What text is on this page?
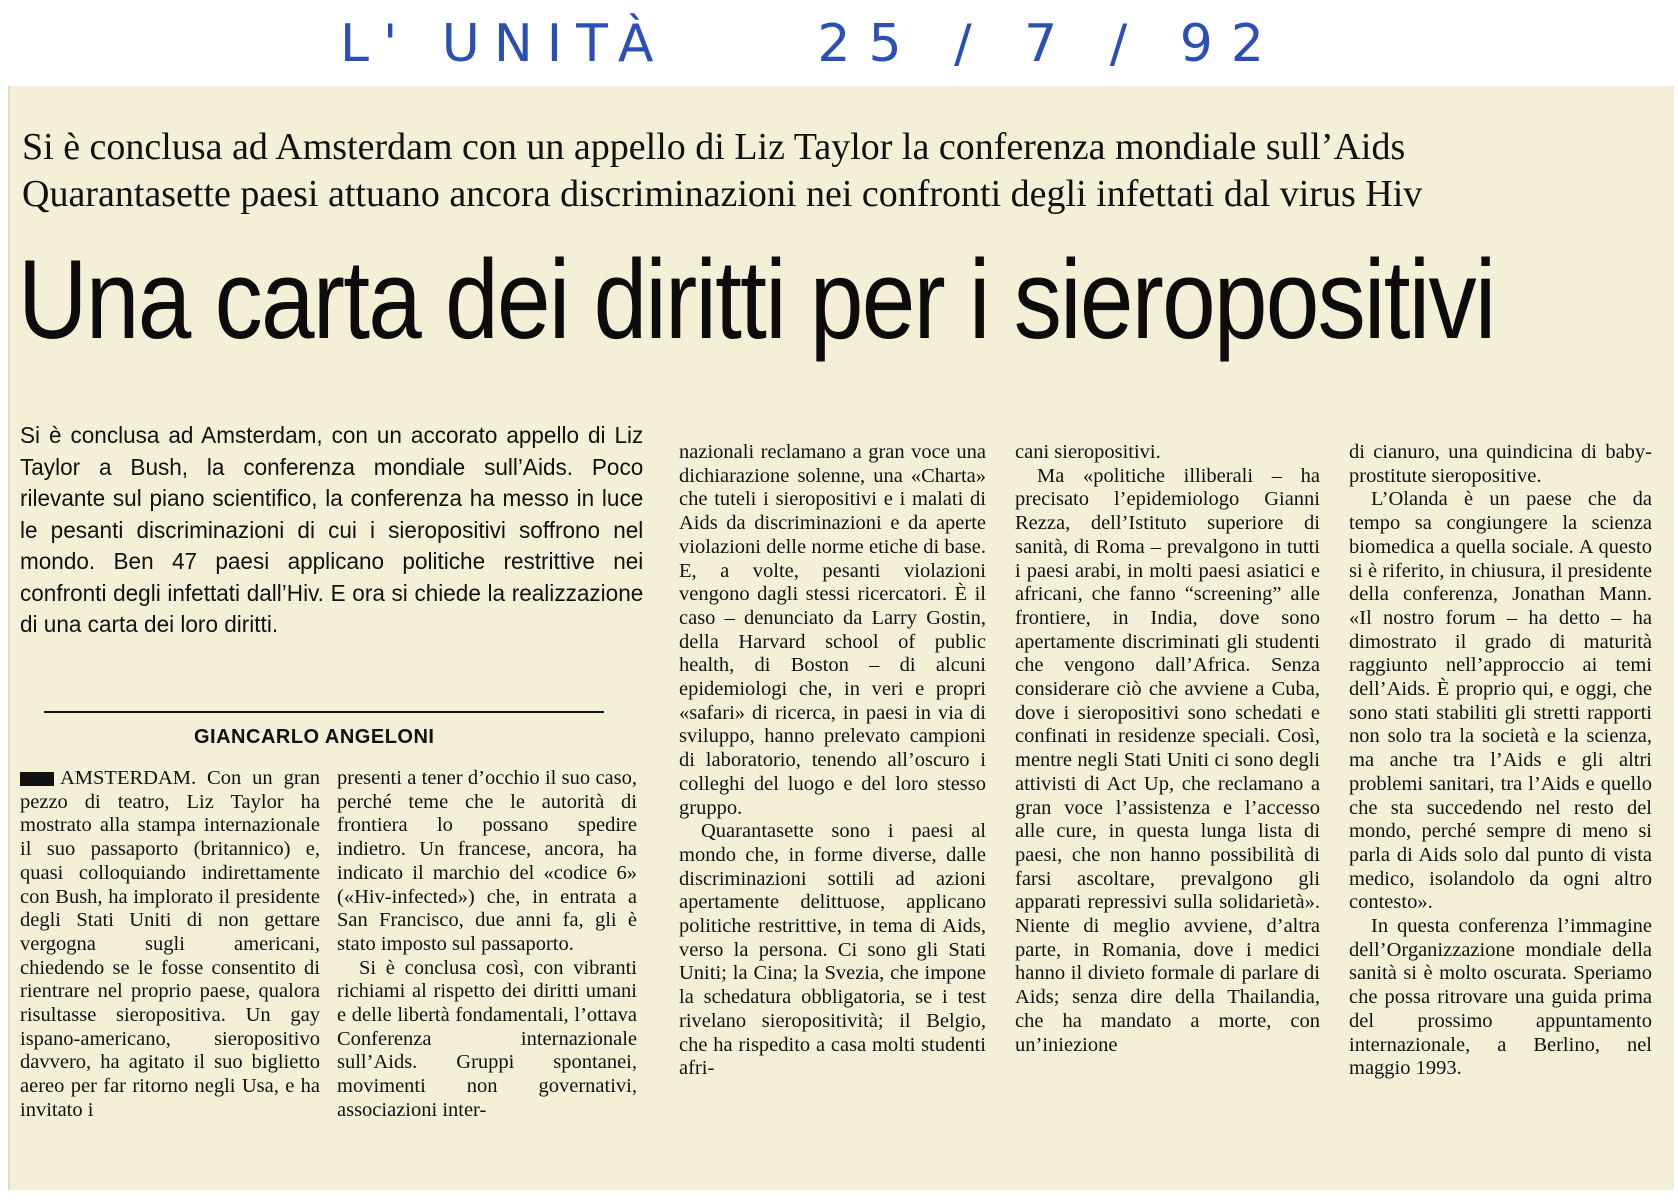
L' UNITÀ	25 / 7 / 92
Si è conclusa ad Amsterdam con un appello di Liz Taylor la conferenza mondiale sull’Aids
Quarantasette paesi attuano ancora discriminazioni nei confronti degli infettati dal virus Hiv
Una carta dei diritti per i sieropositivi
Si è conclusa ad Amsterdam, con un accorato appello di Liz Taylor a Bush, la conferenza mondiale sull’Aids. Poco rilevante sul piano scientifico, la conferenza ha messo in luce le pesanti discriminazioni di cui i sieropositivi soffrono nel mondo. Ben 47 paesi applicano politiche restrittive nei confronti degli infettati dall’Hiv. E ora si chiede la realizzazione di una carta dei loro diritti.
GIANCARLO ANGELONI

AMSTERDAM. Con un gran pezzo di teatro, Liz Taylor ha mostrato alla stampa internazionale il suo passaporto (britannico) e, quasi colloquiando indirettamente con Bush, ha implorato il presidente degli Stati Uniti di non gettare vergogna sugli americani, chiedendo se le fosse consentito di rientrare nel proprio paese, qualora risultasse sieropositiva. Un gay ispano-americano, sieropositivo davvero, ha agitato il suo biglietto aereo per far ritorno negli Usa, e ha invitato i

presenti a tener d’occhio il suo caso, perché teme che le autorità di frontiera lo possano spedire indietro. Un francese, ancora, ha indicato il marchio del «codice 6» («Hiv-infected») che, in entrata a San Francisco, due anni fa, gli è stato imposto sul passaporto.

Si è conclusa così, con vibranti richiami al rispetto dei diritti umani e delle libertà fondamentali, l’ottava Conferenza internazionale sull’Aids. Gruppi spontanei, movimenti non governativi, associazioni inter-

nazionali reclamano a gran voce una dichiarazione solenne, una «Charta» che tuteli i sieropositivi e i malati di Aids da discriminazioni e da aperte violazioni delle norme etiche di base. E, a volte, pesanti violazioni vengono dagli stessi ricercatori. È il caso – denunciato da Larry Gostin, della Harvard school of public health, di Boston – di alcuni epidemiologi che, in veri e propri «safari» di ricerca, in paesi in via di sviluppo, hanno prelevato campioni di laboratorio, tenendo all’oscuro i colleghi del luogo e del loro stesso gruppo.

Quarantasette sono i paesi al mondo che, in forme diverse, dalle discriminazioni sottili ad azioni apertamente delittuose, applicano politiche restrittive, in tema di Aids, verso la persona. Ci sono gli Stati Uniti; la Cina; la Svezia, che impone la schedatura obbligatoria, se i test rivelano sieropositività; il Belgio, che ha rispedito a casa molti studenti afri-

cani sieropositivi.

Ma «politiche illiberali – ha precisato l’epidemiologo Gianni Rezza, dell’Istituto superiore di sanità, di Roma – prevalgono in tutti i paesi arabi, in molti paesi asiatici e africani, che fanno “screening” alle frontiere, in India, dove sono apertamente discriminati gli studenti che vengono dall’Africa. Senza considerare ciò che avviene a Cuba, dove i sieropositivi sono schedati e confinati in residenze speciali. Così, mentre negli Stati Uniti ci sono degli attivisti di Act Up, che reclamano a gran voce l’assistenza e l’accesso alle cure, in questa lunga lista di paesi, che non hanno possibilità di farsi ascoltare, prevalgono gli apparati repressivi sulla solidarietà». Niente di meglio avviene, d’altra parte, in Romania, dove i medici hanno il divieto formale di parlare di Aids; senza dire della Thailandia, che ha mandato a morte, con un’iniezione

di cianuro, una quindicina di baby-prostitute sieropositive.

L’Olanda è un paese che da tempo sa congiungere la scienza biomedica a quella sociale. A questo si è riferito, in chiusura, il presidente della conferenza, Jonathan Mann. «Il nostro forum – ha detto – ha dimostrato il grado di maturità raggiunto nell’approccio ai temi dell’Aids. È proprio qui, e oggi, che sono stati stabiliti gli stretti rapporti non solo tra la società e la scienza, ma anche tra l’Aids e gli altri problemi sanitari, tra l’Aids e quello che sta succedendo nel resto del mondo, perché sempre di meno si parla di Aids solo dal punto di vista medico, isolandolo da ogni altro contesto».

In questa conferenza l’immagine dell’Organizzazione mondiale della sanità si è molto oscurata. Speriamo che possa ritrovare una guida prima del prossimo appuntamento internazionale, a Berlino, nel maggio 1993.
